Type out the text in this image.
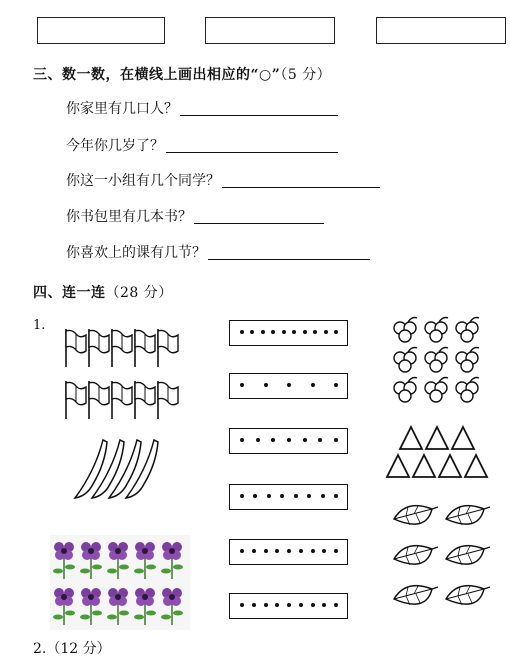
三、数一数，在横线上画出相应的“○”（5 分）
你家里有几口人？
今年你几岁了？
你这一小组有几个同学？
你书包里有几本书？
你喜欢上的课有几节？
四、连一连（28 分）
1.
2.（12 分）
